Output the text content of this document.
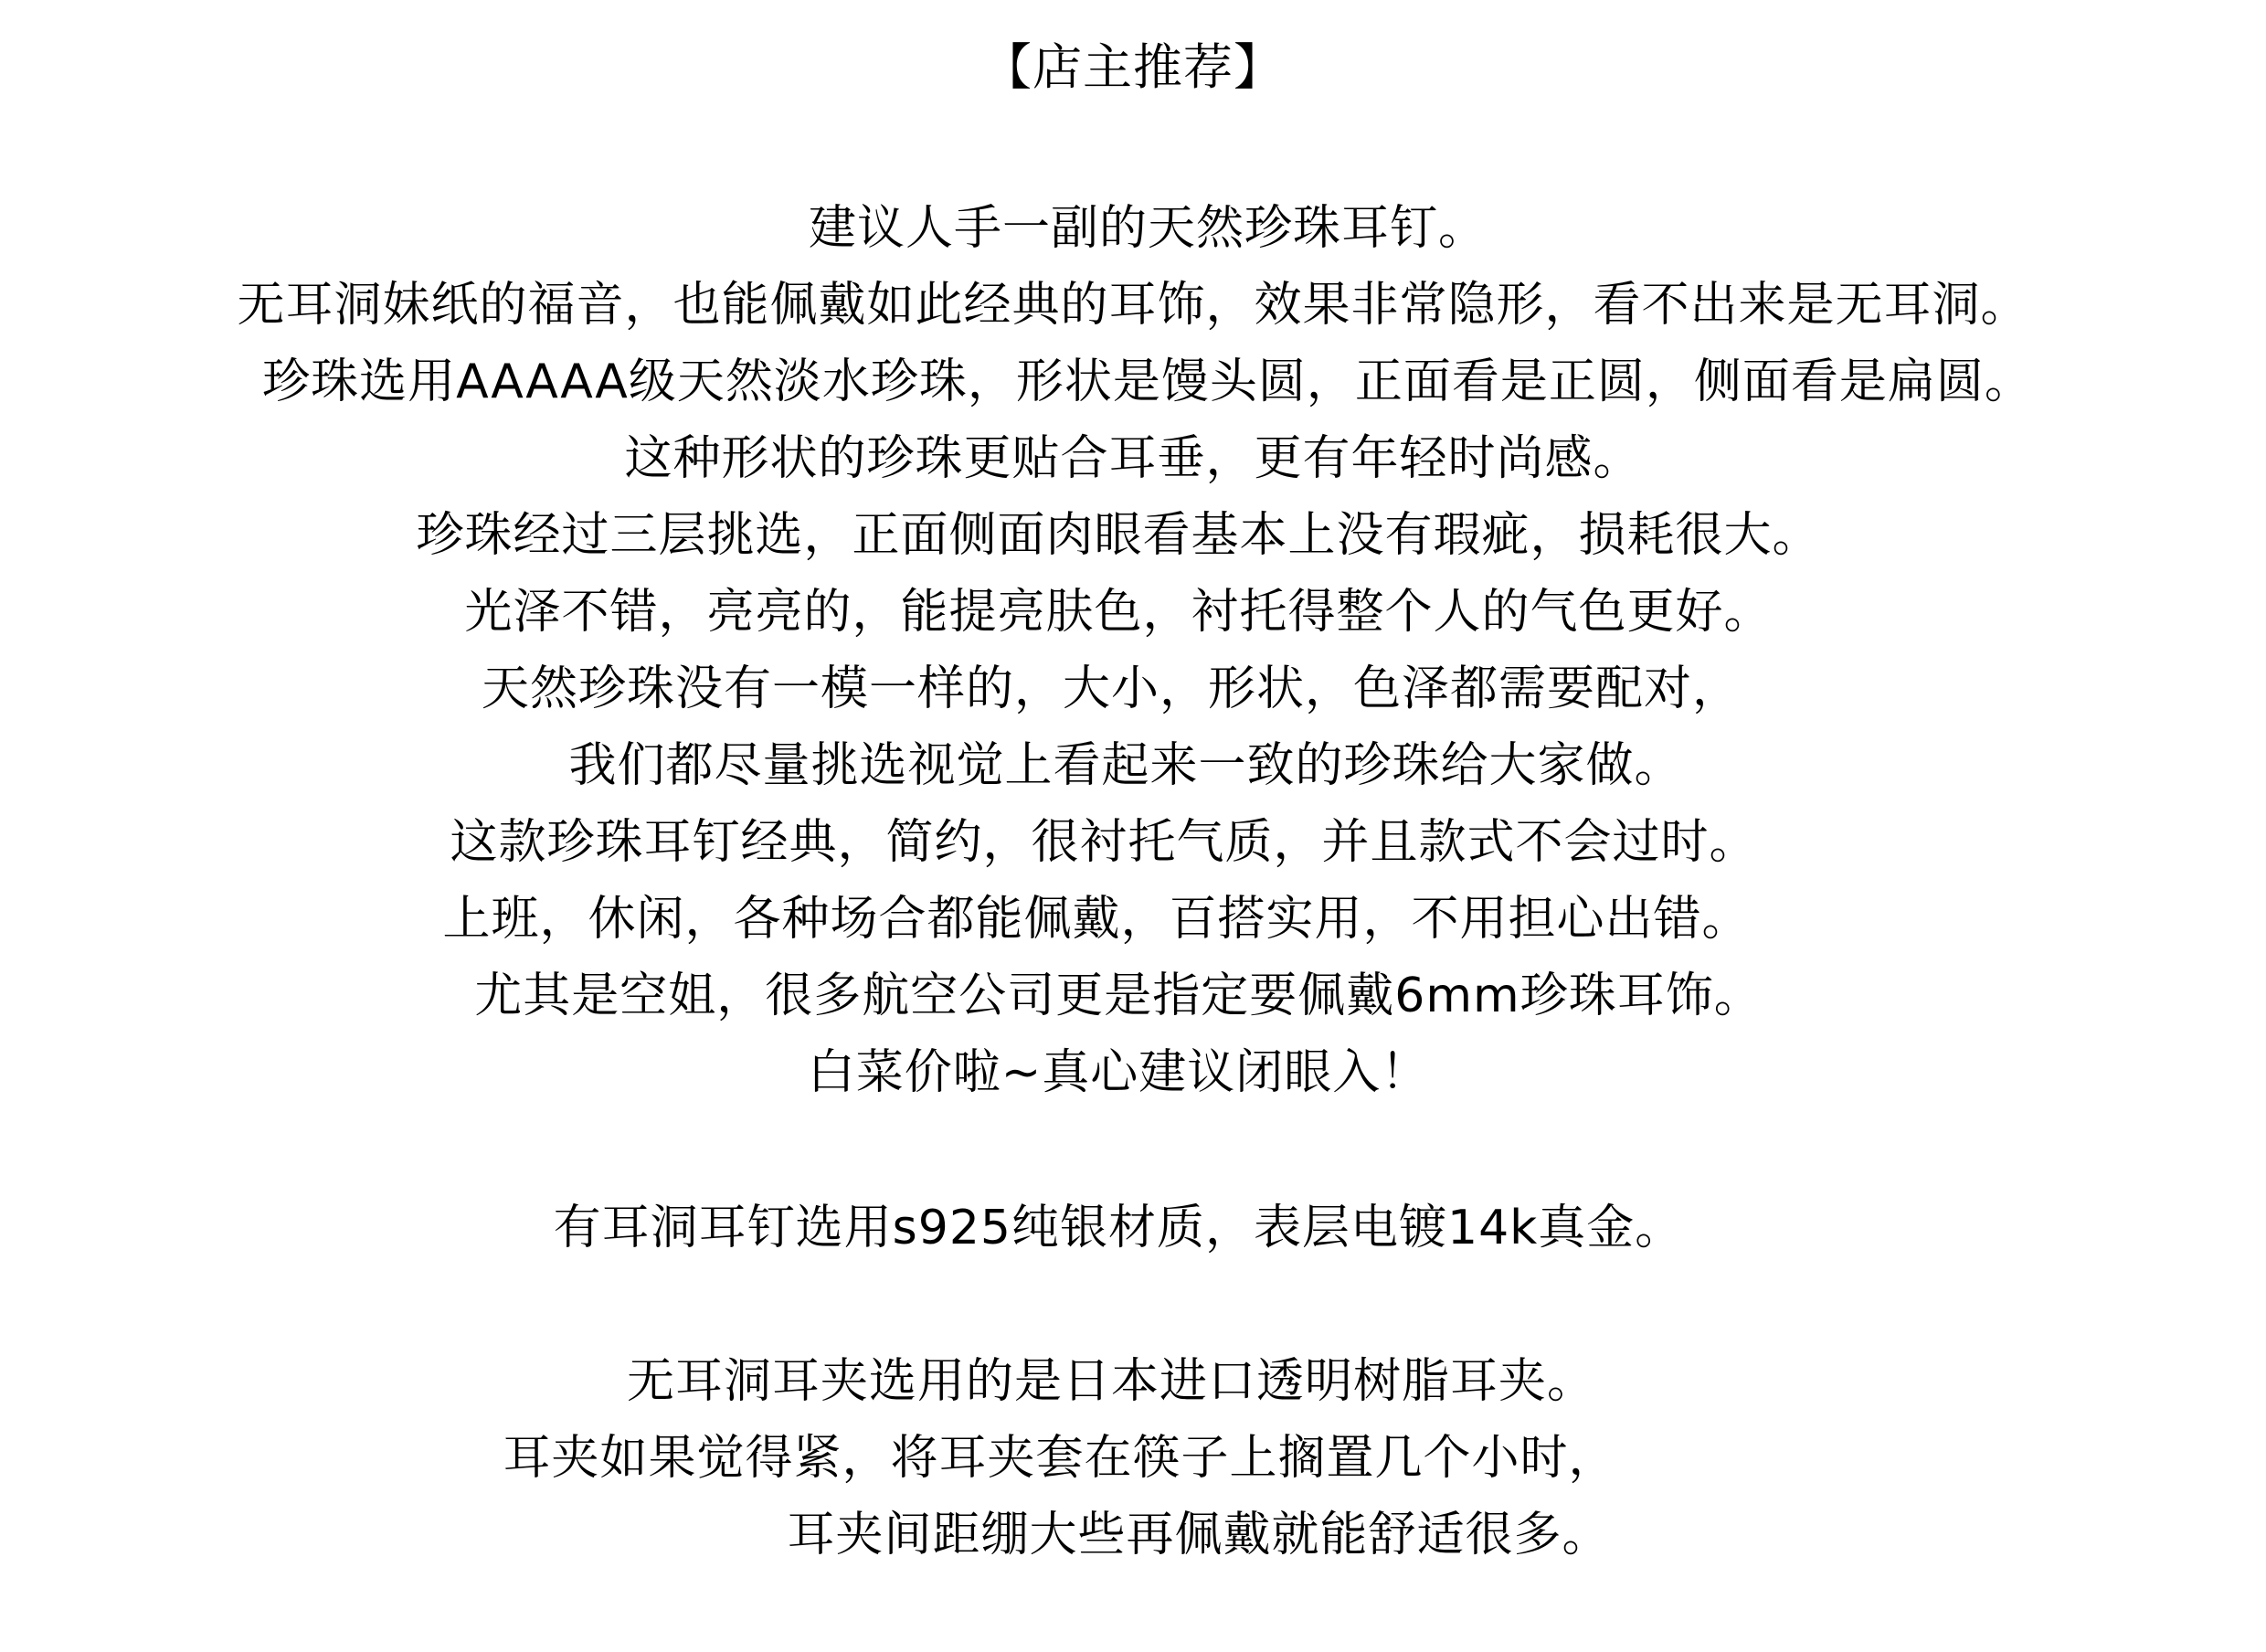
【店主推荐】
建议人手一副的天然珍珠耳钉。
无耳洞妹纸的福音，也能佩戴如此经典的耳饰，效果非常隐形，看不出来是无耳洞。
珍珠选用AAAAA级天然淡水珍珠，形状是馒头圆，正面看是正圆，侧面看是扁圆。
这种形状的珍珠更贴合耳垂，更有年轻时尚感。
珍珠经过三层挑选，正面侧面肉眼看基本上没有瑕疵，损耗很大。
光泽不错，亮亮的，能提亮肤色，衬托得整个人的气色更好。
天然珍珠没有一模一样的，大小，形状，色泽都需要配对，
我们都尽量挑选视觉上看起来一致的珍珠给大家做。
这款珍珠耳钉经典，简约，很衬托气质，并且款式不会过时。
上班，休闲，各种场合都能佩戴，百搭实用，不用担心出错。
尤其是空姐，很多航空公司更是指定要佩戴6mm珍珠耳饰。
白菜价啦~真心建议闭眼入！
有耳洞耳钉选用s925纯银材质，表层电镀14k真金。
无耳洞耳夹选用的是日本进口透明树脂耳夹。
耳夹如果觉得紧，将耳夹套在筷子上搁置几个小时，
耳夹间距绷大些再佩戴就能舒适很多。
